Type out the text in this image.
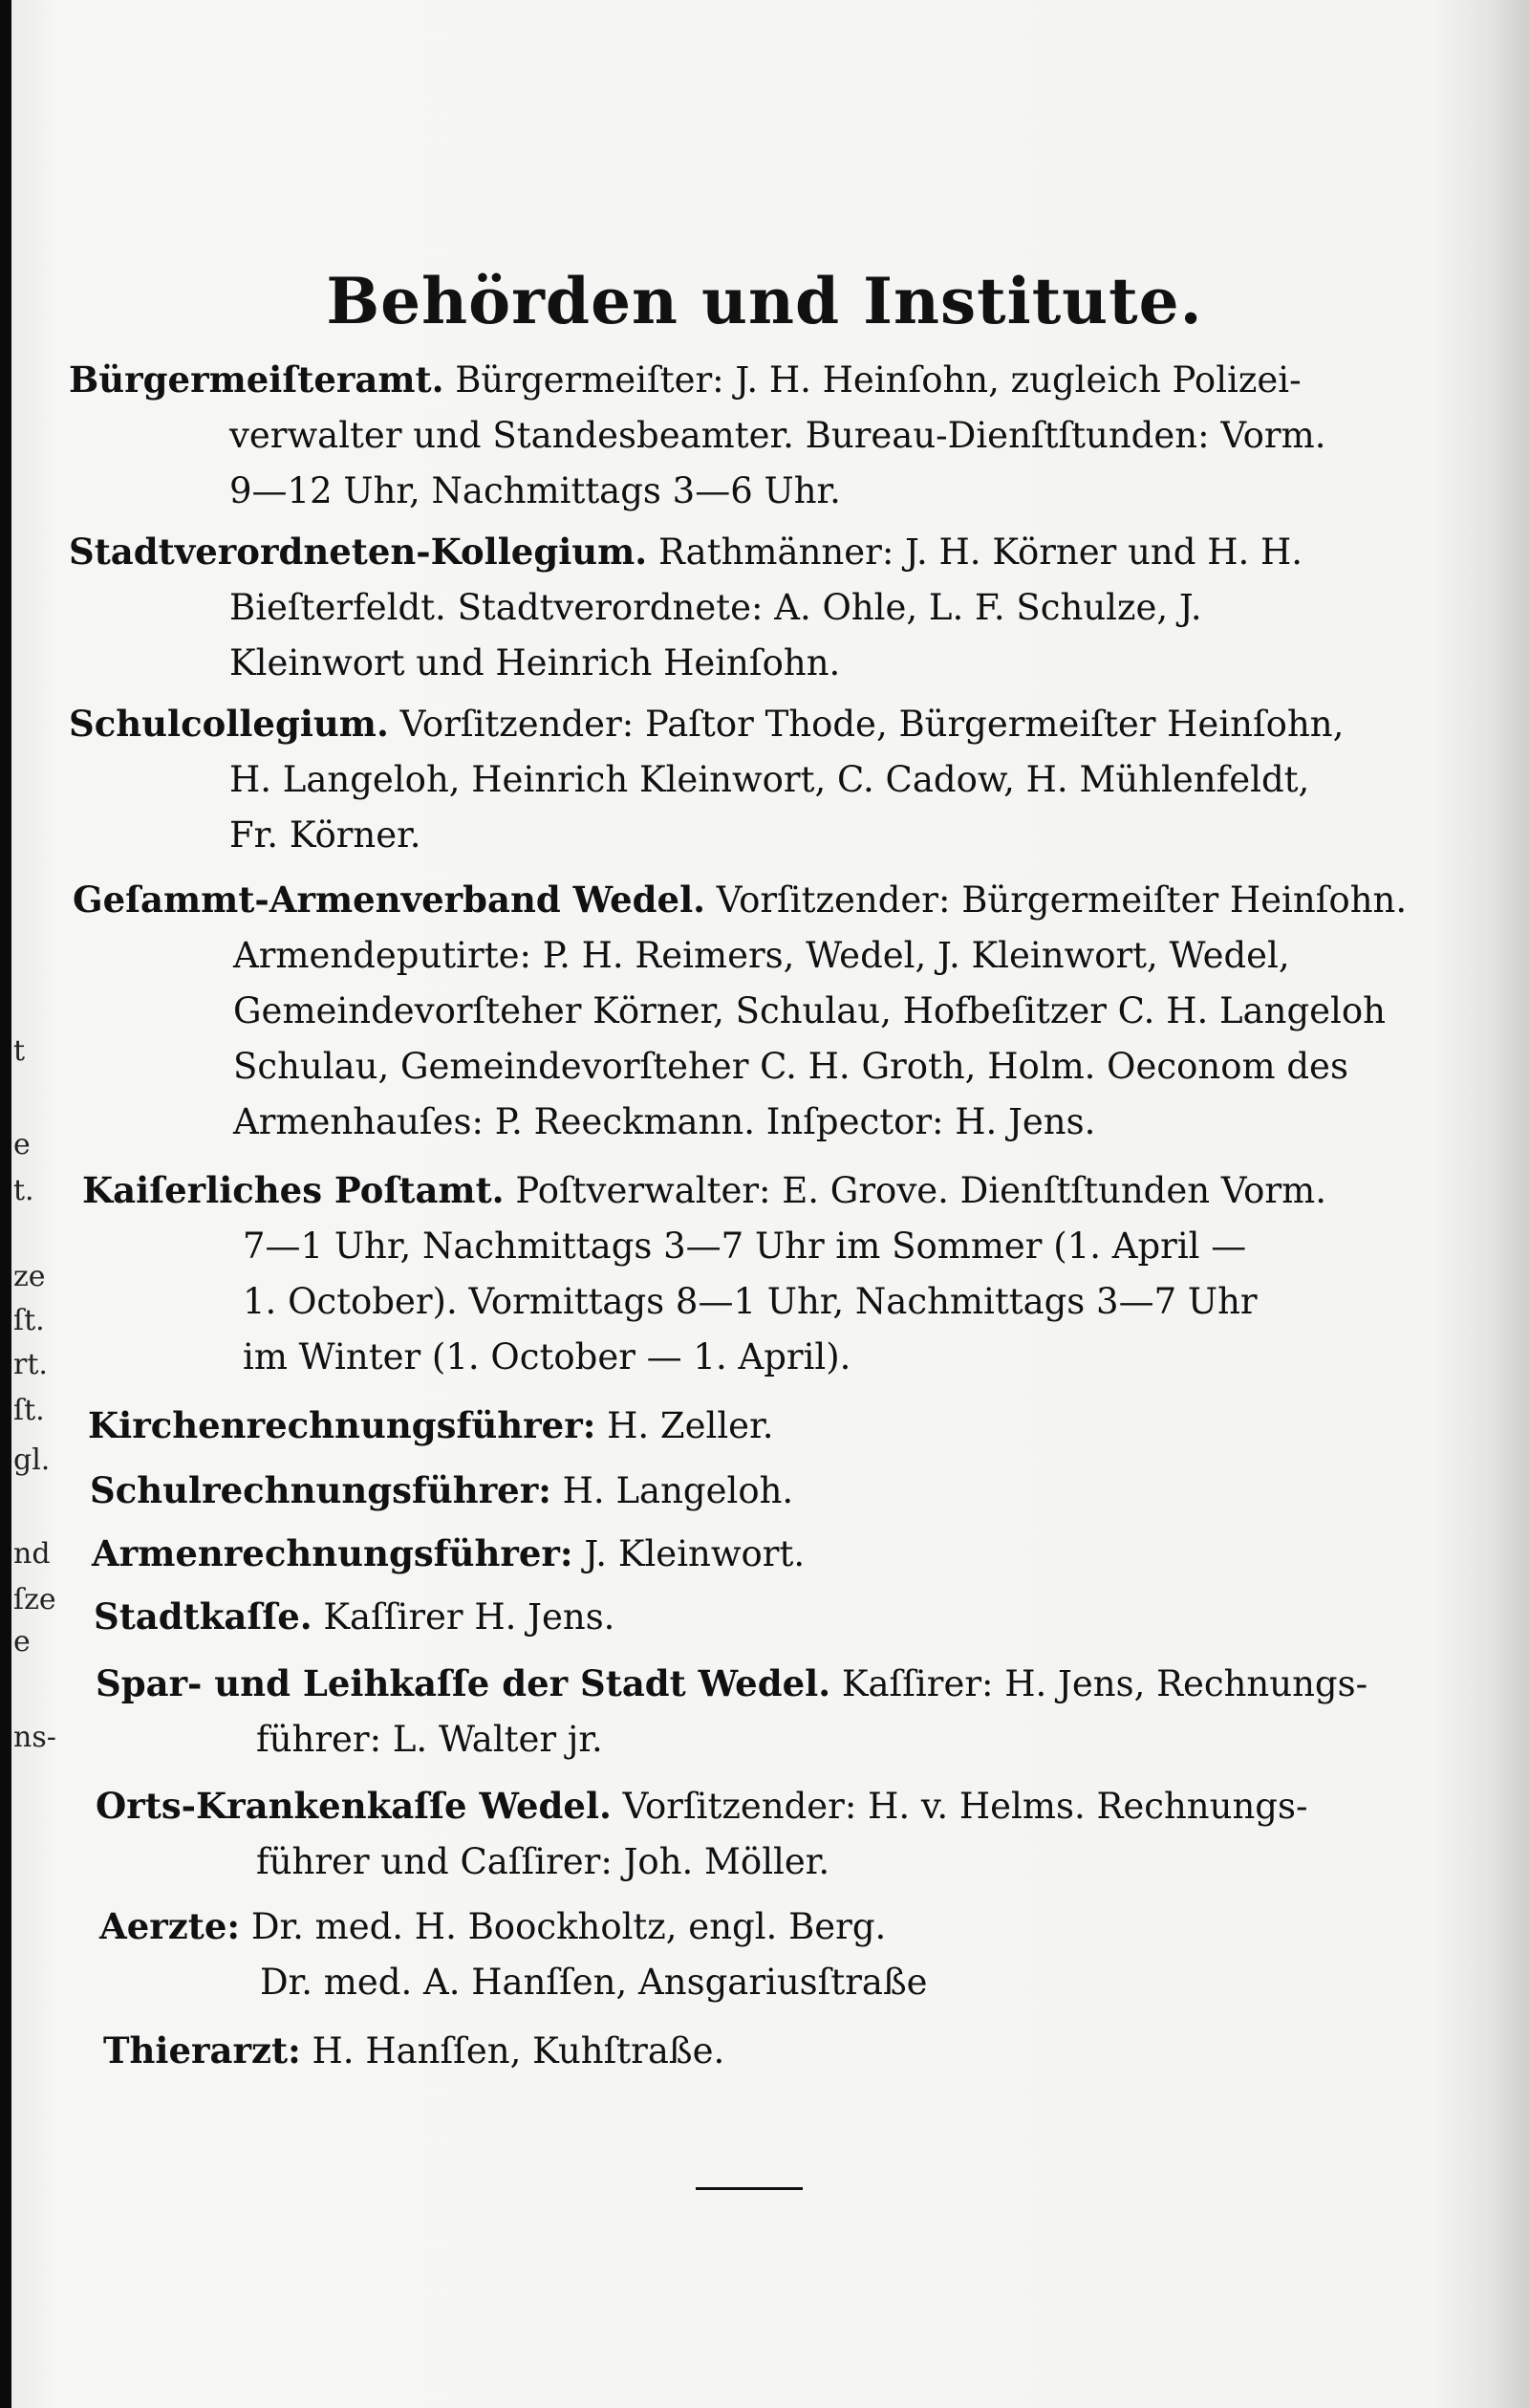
t
e
t.
ze
ſt.
rt.
ſt.
gl.
nd
ſze
e
ns-
Behörden und Institute.
Bürgermeiſteramt. Bürgermeiſter: J. H. Heinſohn, zugleich Polizei-
verwalter und Standesbeamter. Bureau-Dienſtſtunden: Vorm.
9—12 Uhr, Nachmittags 3—6 Uhr.
Stadtverordneten-Kollegium. Rathmänner: J. H. Körner und H. H.
Bieſterfeldt. Stadtverordnete: A. Ohle, L. F. Schulze, J.
Kleinwort und Heinrich Heinſohn.
Schulcollegium. Vorſitzender: Paſtor Thode, Bürgermeiſter Heinſohn,
H. Langeloh, Heinrich Kleinwort, C. Cadow, H. Mühlenfeldt,
Fr. Körner.
Geſammt-Armenverband Wedel. Vorſitzender: Bürgermeiſter Heinſohn.
Armendeputirte: P. H. Reimers, Wedel, J. Kleinwort, Wedel,
Gemeindevorſteher Körner, Schulau, Hofbeſitzer C. H. Langeloh
Schulau, Gemeindevorſteher C. H. Groth, Holm. Oeconom des
Armenhauſes: P. Reeckmann. Inſpector: H. Jens.
Kaiſerliches Poſtamt. Poſtverwalter: E. Grove. Dienſtſtunden Vorm.
7—1 Uhr, Nachmittags 3—7 Uhr im Sommer (1. April —
1. October). Vormittags 8—1 Uhr, Nachmittags 3—7 Uhr
im Winter (1. October — 1. April).
Kirchenrechnungsführer: H. Zeller.
Schulrechnungsführer: H. Langeloh.
Armenrechnungsführer: J. Kleinwort.
Stadtkaſſe. Kaſſirer H. Jens.
Spar- und Leihkaſſe der Stadt Wedel. Kaſſirer: H. Jens, Rechnungs-
führer: L. Walter jr.
Orts-Krankenkaſſe Wedel. Vorſitzender: H. v. Helms. Rechnungs-
führer und Caſſirer: Joh. Möller.
Aerzte: Dr. med. H. Boockholtz, engl. Berg.
Dr. med. A. Hanſſen, Ansgariusſtraße
Thierarzt: H. Hanſſen, Kuhſtraße.
